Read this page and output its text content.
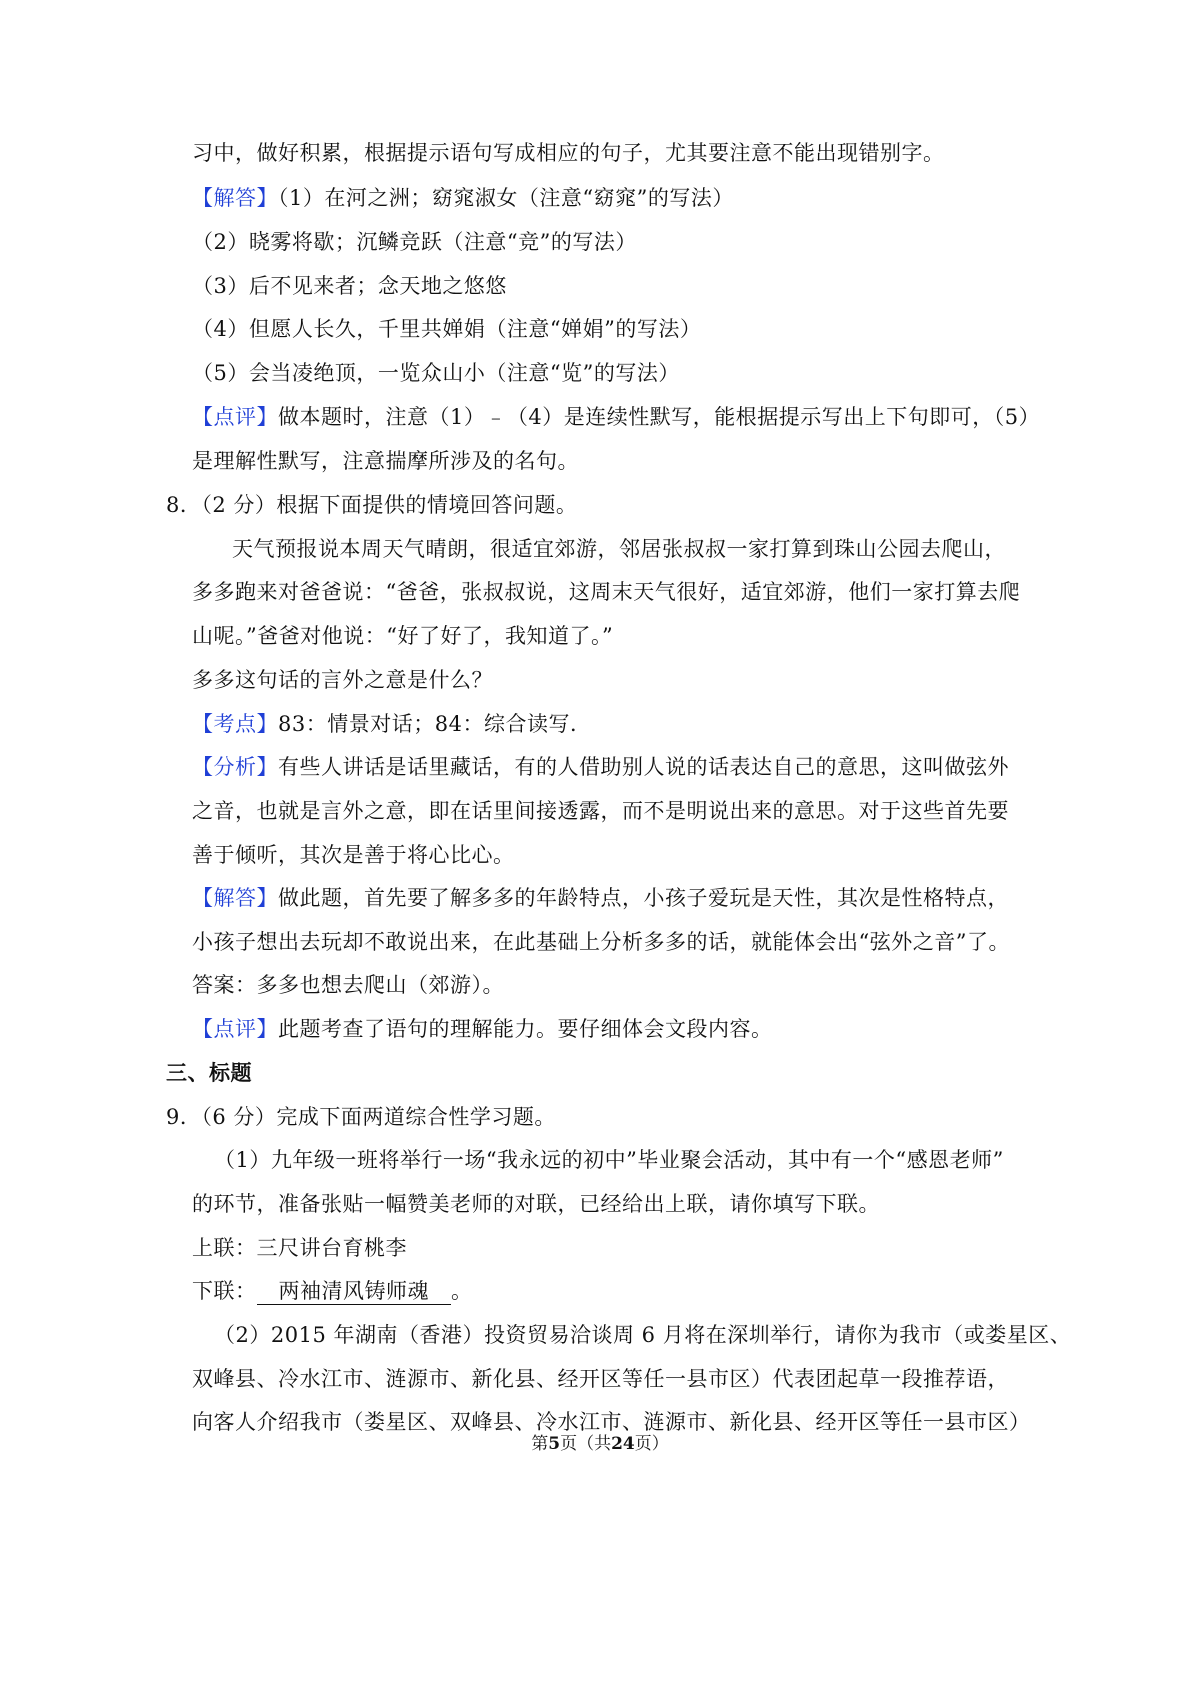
习中，做好积累，根据提示语句写成相应的句子，尤其要注意不能出现错别字。
【解答】（1）在河之洲；窈窕淑女（注意“窈窕”的写法）
（2）晓雾将歇；沉鳞竞跃（注意“竞”的写法）
（3）后不见来者；念天地之悠悠
（4）但愿人长久，千里共婵娟（注意“婵娟”的写法）
（5）会当凌绝顶，一览众山小（注意“览”的写法）
【点评】做本题时，注意（1）﹣（4）是连续性默写，能根据提示写出上下句即可，（5）
是理解性默写，注意揣摩所涉及的名句。
8．（2 分）根据下面提供的情境回答问题。
天气预报说本周天气晴朗，很适宜郊游，邻居张叔叔一家打算到珠山公园去爬山，
多多跑来对爸爸说：“爸爸，张叔叔说，这周末天气很好，适宜郊游，他们一家打算去爬
山呢。”爸爸对他说：“好了好了，我知道了。”
多多这句话的言外之意是什么？
【考点】83：情景对话；84：综合读写．
【分析】有些人讲话是话里藏话，有的人借助别人说的话表达自己的意思，这叫做弦外
之音，也就是言外之意，即在话里间接透露，而不是明说出来的意思。对于这些首先要
善于倾听，其次是善于将心比心。
【解答】做此题，首先要了解多多的年龄特点，小孩子爱玩是天性，其次是性格特点，
小孩子想出去玩却不敢说出来，在此基础上分析多多的话，就能体会出“弦外之音”了。
答案：多多也想去爬山（郊游）。
【点评】此题考查了语句的理解能力。要仔细体会文段内容。
三、标题
9．（6 分）完成下面两道综合性学习题。
（1）九年级一班将举行一场“我永远的初中”毕业聚会活动，其中有一个“感恩老师”
的环节，准备张贴一幅赞美老师的对联，已经给出上联，请你填写下联。
上联：三尺讲台育桃李
下联： 两袖清风铸师魂 。
（2）2015 年湖南（香港）投资贸易洽谈周 6 月将在深圳举行，请你为我市（或娄星区、
双峰县、冷水江市、涟源市、新化县、经开区等任一县市区）代表团起草一段推荐语，
向客人介绍我市（娄星区、双峰县、冷水江市、涟源市、新化县、经开区等任一县市区）
第5页（共24页）
